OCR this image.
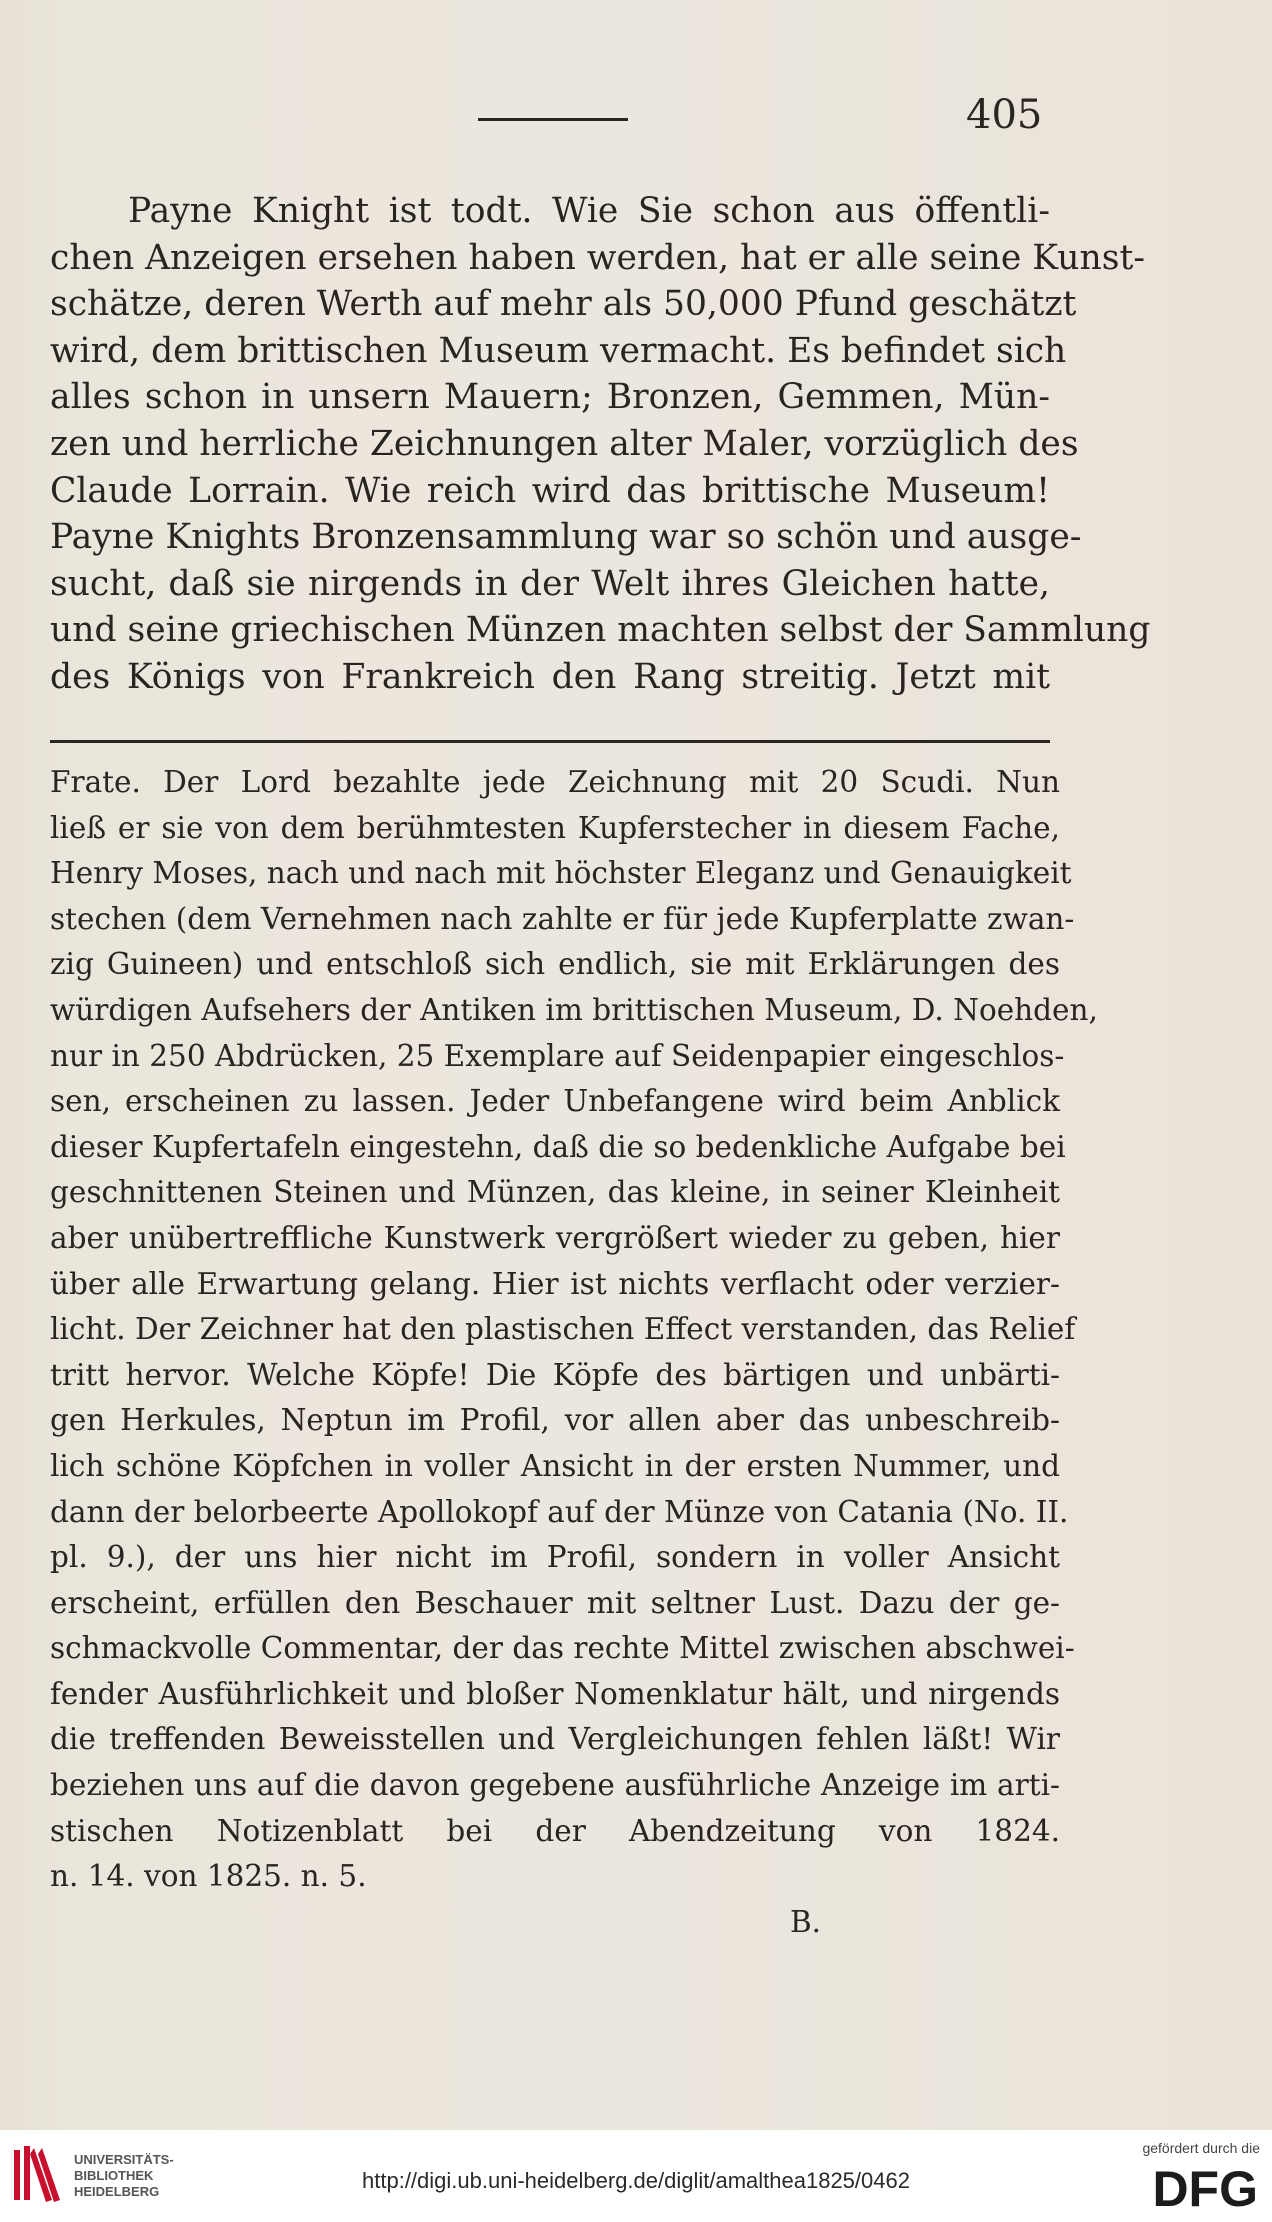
405
Payne Knight ist todt. Wie Sie schon aus öffentli-
chen Anzeigen ersehen haben werden, hat er alle seine Kunst-
schätze, deren Werth auf mehr als 50,000 Pfund geschätzt
wird, dem brittischen Museum vermacht. Es befindet sich
alles schon in unsern Mauern; Bronzen, Gemmen, Mün-
zen und herrliche Zeichnungen alter Maler, vorzüglich des
Claude Lorrain. Wie reich wird das brittische Museum!
Payne Knights Bronzensammlung war so schön und ausge-
sucht, daß sie nirgends in der Welt ihres Gleichen hatte,
und seine griechischen Münzen machten selbst der Sammlung
des Königs von Frankreich den Rang streitig. Jetzt mit
Frate. Der Lord bezahlte jede Zeichnung mit 20 Scudi. Nun
ließ er sie von dem berühmtesten Kupferstecher in diesem Fache,
Henry Moses, nach und nach mit höchster Eleganz und Genauigkeit
stechen (dem Vernehmen nach zahlte er für jede Kupferplatte zwan-
zig Guineen) und entschloß sich endlich, sie mit Erklärungen des
würdigen Aufsehers der Antiken im brittischen Museum, D. Noehden,
nur in 250 Abdrücken, 25 Exemplare auf Seidenpapier eingeschlos-
sen, erscheinen zu lassen. Jeder Unbefangene wird beim Anblick
dieser Kupfertafeln eingestehn, daß die so bedenkliche Aufgabe bei
geschnittenen Steinen und Münzen, das kleine, in seiner Kleinheit
aber unübertreffliche Kunstwerk vergrößert wieder zu geben, hier
über alle Erwartung gelang. Hier ist nichts verflacht oder verzier-
licht. Der Zeichner hat den plastischen Effect verstanden, das Relief
tritt hervor. Welche Köpfe! Die Köpfe des bärtigen und unbärti-
gen Herkules, Neptun im Profil, vor allen aber das unbeschreib-
lich schöne Köpfchen in voller Ansicht in der ersten Nummer, und
dann der belorbeerte Apollokopf auf der Münze von Catania (No. II.
pl. 9.), der uns hier nicht im Profil, sondern in voller Ansicht
erscheint, erfüllen den Beschauer mit seltner Lust. Dazu der ge-
schmackvolle Commentar, der das rechte Mittel zwischen abschwei-
fender Ausführlichkeit und bloßer Nomenklatur hält, und nirgends
die treffenden Beweisstellen und Vergleichungen fehlen läßt! Wir
beziehen uns auf die davon gegebene ausführliche Anzeige im arti-
stischen Notizenblatt bei der Abendzeitung von 1824.
n. 14. von 1825. n. 5.
B.
UNIVERSITÄTS-
BIBLIOTHEK
HEIDELBERG	http://digi.ub.uni-heidelberg.de/diglit/amalthea1825/0462
gefördert durch die
DFG
